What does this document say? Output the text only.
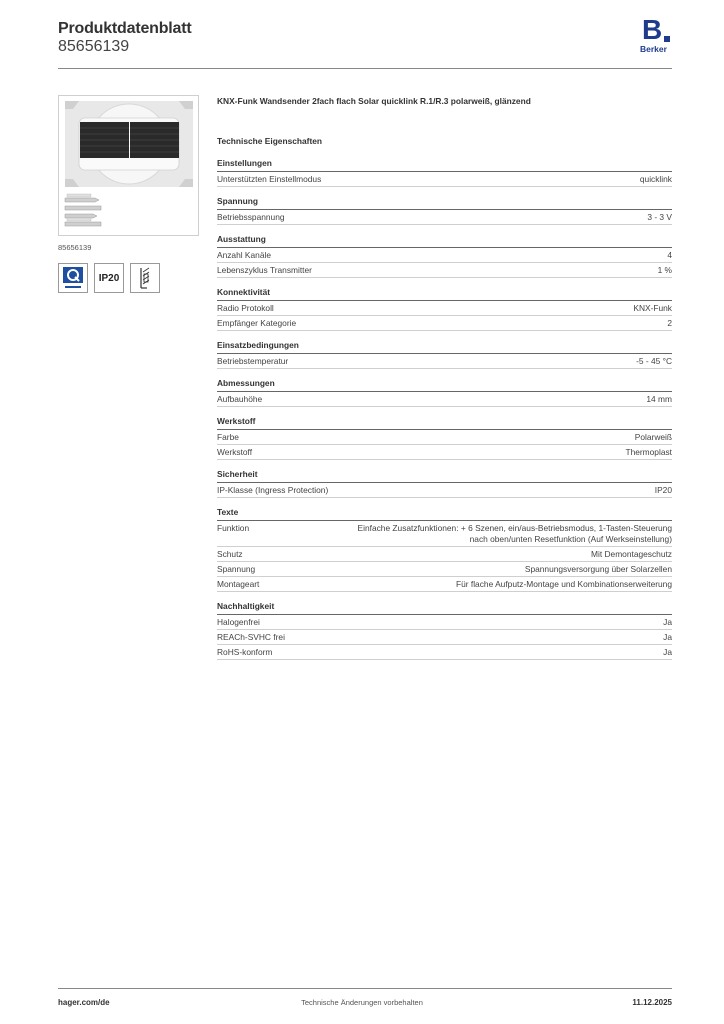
Produktdatenblatt
85656139
B
Berker
85656139
IP20
KNX-Funk Wandsender 2fach flach Solar quicklink R.1/R.3 polarweiß, glänzend
Technische Eigenschaften
Einstellungen
Unterstützten Einstellmodus	quicklink
Spannung
Betriebsspannung	3 - 3 V
Ausstattung
Anzahl Kanäle	4
Lebenszyklus Transmitter	1 %
Konnektivität
Radio Protokoll	KNX-Funk
Empfänger Kategorie	2
Einsatzbedingungen
Betriebstemperatur	-5 - 45 °C
Abmessungen
Aufbauhöhe	14 mm
Werkstoff
Farbe	Polarweiß
Werkstoff	Thermoplast
Sicherheit
IP-Klasse (Ingress Protection)	IP20
Texte
Funktion	Einfache Zusatzfunktionen: + 6 Szenen, ein/aus-Betriebsmodus, 1-Tasten-Steuerung nach oben/unten Resetfunktion (Auf Werkseinstellung)
Schutz	Mit Demontageschutz
Spannung	Spannungsversorgung über Solarzellen
Montageart	Für flache Aufputz-Montage und Kombinationserweiterung
Nachhaltigkeit
Halogenfrei	Ja
REACh-SVHC frei	Ja
RoHS-konform	Ja
hager.com/de	Technische Änderungen vorbehalten	11.12.2025
